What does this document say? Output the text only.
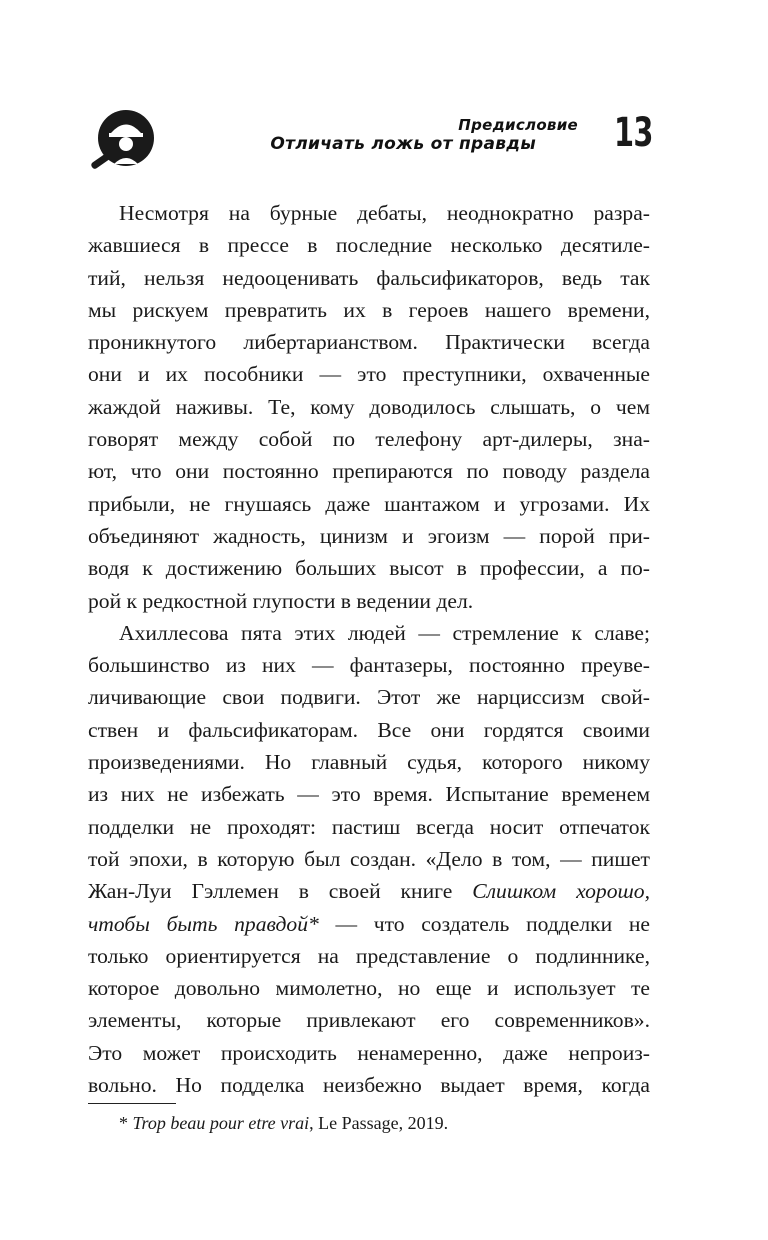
Предисловие
Отличать ложь от правды 13
Несмотря на бурные дебаты, неоднократно разра-
жавшиеся в прессе в последние несколько десятиле-
тий, нельзя недооценивать фальсификаторов, ведь так
мы рискуем превратить их в героев нашего времени,
проникнутого либертарианством. Практически всегда
они и их пособники — это преступники, охваченные
жаждой наживы. Те, кому доводилось слышать, о чем
говорят между собой по телефону арт-дилеры, зна-
ют, что они постоянно препираются по поводу раздела
прибыли, не гнушаясь даже шантажом и угрозами. Их
объединяют жадность, цинизм и эгоизм — порой при-
водя к достижению больших высот в профессии, а по-
рой к редкостной глупости в ведении дел.
Ахиллесова пята этих людей — стремление к славе;
большинство из них — фантазеры, постоянно преуве-
личивающие свои подвиги. Этот же нарциссизм свой-
ствен и фальсификаторам. Все они гордятся своими
произведениями. Но главный судья, которого никому
из них не избежать — это время. Испытание временем
подделки не проходят: пастиш всегда носит отпечаток
той эпохи, в которую был создан. «Дело в том, — пишет
Жан-Луи Гэллемен в своей книге Слишком хорошо,
чтобы быть правдой* — что создатель подделки не
только ориентируется на представление о подлиннике,
которое довольно мимолетно, но еще и использует те
элементы, которые привлекают его современников».
Это может происходить ненамеренно, даже непроиз-
вольно. Но подделка неизбежно выдает время, когда
* Trop beau pour etre vrai, Le Passage, 2019.
